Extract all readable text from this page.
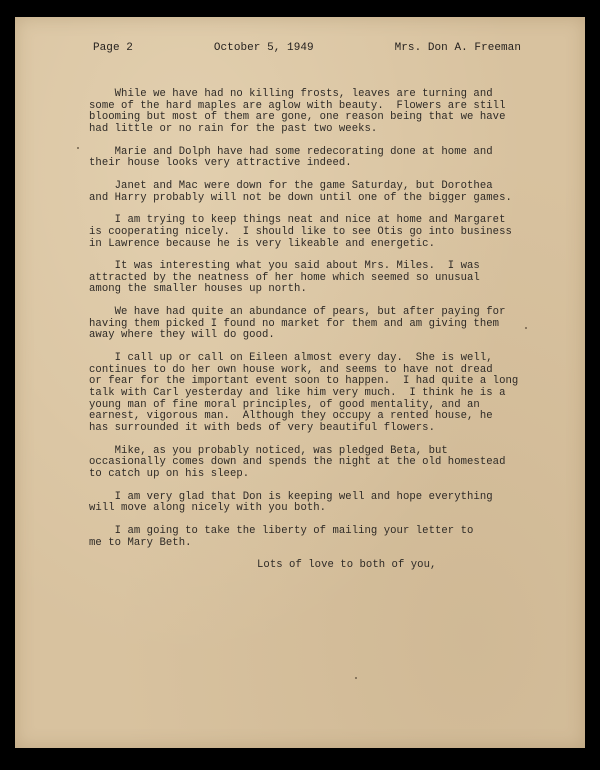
Page 2	October 5, 1949	Mrs. Don A. Freeman
While we have had no killing frosts, leaves are turning and
some of the hard maples are aglow with beauty.  Flowers are still
blooming but most of them are gone, one reason being that we have
had little or no rain for the past two weeks.
Marie and Dolph have had some redecorating done at home and
their house looks very attractive indeed.
Janet and Mac were down for the game Saturday, but Dorothea
and Harry probably will not be down until one of the bigger games.
I am trying to keep things neat and nice at home and Margaret
is cooperating nicely.  I should like to see Otis go into business
in Lawrence because he is very likeable and energetic.
It was interesting what you said about Mrs. Miles.  I was
attracted by the neatness of her home which seemed so unusual
among the smaller houses up north.
We have had quite an abundance of pears, but after paying for
having them picked I found no market for them and am giving them
away where they will do good.
I call up or call on Eileen almost every day.  She is well,
continues to do her own house work, and seems to have not dread
or fear for the important event soon to happen.  I had quite a long
talk with Carl yesterday and like him very much.  I think he is a
young man of fine moral principles, of good mentality, and an
earnest, vigorous man.  Although they occupy a rented house, he
has surrounded it with beds of very beautiful flowers.
Mike, as you probably noticed, was pledged Beta, but
occasionally comes down and spends the night at the old homestead
to catch up on his sleep.
I am very glad that Don is keeping well and hope everything
will move along nicely with you both.
I am going to take the liberty of mailing your letter to
me to Mary Beth.
Lots of love to both of you,
